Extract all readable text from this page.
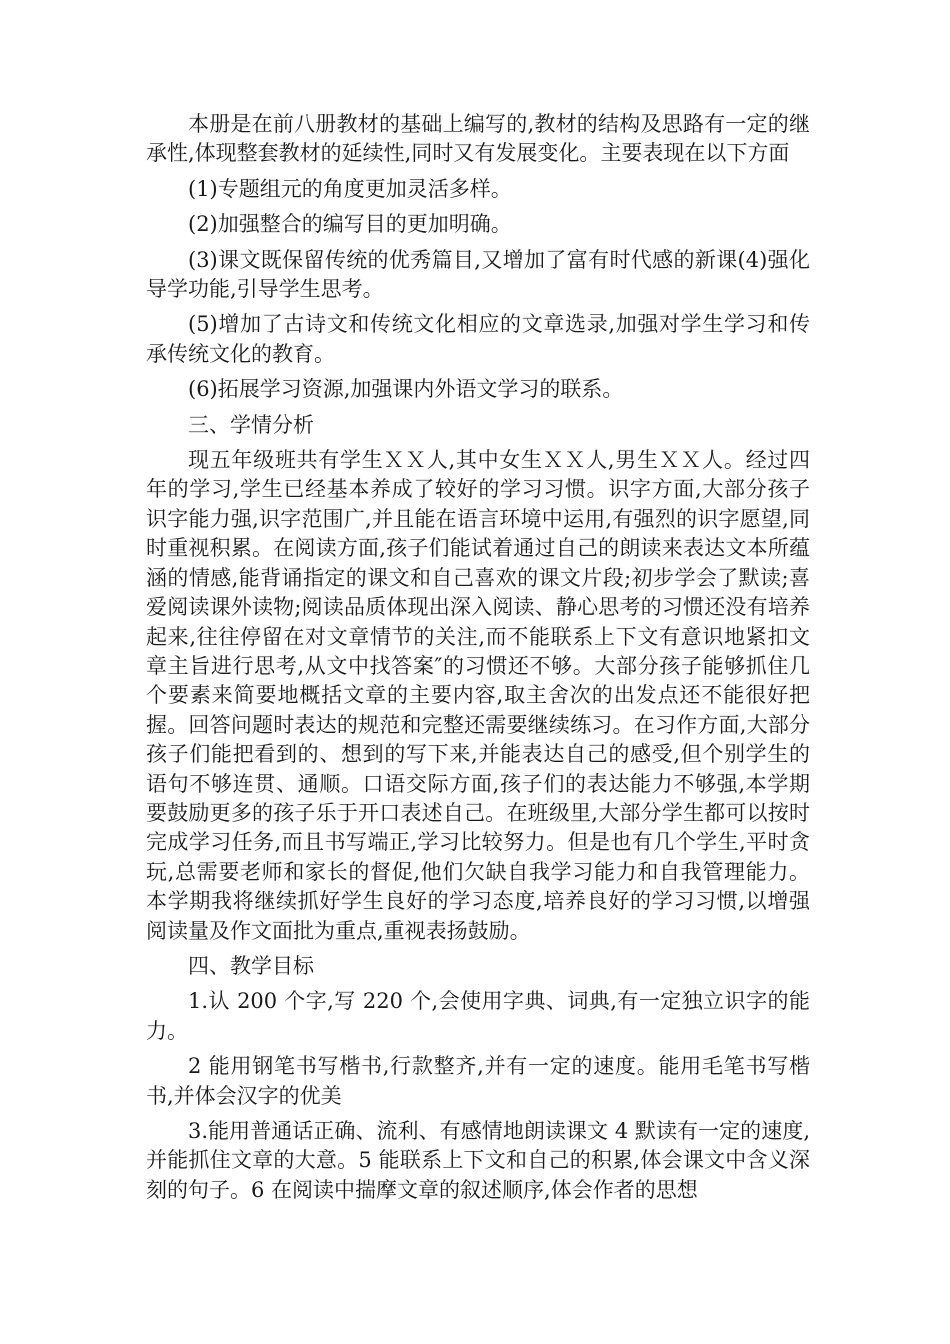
本册是在前八册教材的基础上编写的,教材的结构及思路有一定的继承性,体现整套教材的延续性,同时又有发展变化。主要表现在以下方面

(1)专题组元的角度更加灵活多样。

(2)加强整合的编写目的更加明确。

(3)课文既保留传统的优秀篇目,又增加了富有时代感的新课(4)强化导学功能,引导学生思考。

(5)增加了古诗文和传统文化相应的文章选录,加强对学生学习和传承传统文化的教育。

(6)拓展学习资源,加强课内外语文学习的联系。

三、学情分析

现五年级班共有学生ＸＸ人,其中女生ＸＸ人,男生ＸＸ人。经过四年的学习,学生已经基本养成了较好的学习习惯。识字方面,大部分孩子识字能力强,识字范围广,并且能在语言环境中运用,有强烈的识字愿望,同时重视积累。在阅读方面,孩子们能试着通过自己的朗读来表达文本所蕴涵的情感,能背诵指定的课文和自己喜欢的课文片段;初步学会了默读;喜爱阅读课外读物;阅读品质体现出深入阅读、静心思考的习惯还没有培养起来,往往停留在对文章情节的关注,而不能联系上下文有意识地紧扣文章主旨进行思考,从文中找答案″的习惯还不够。大部分孩子能够抓住几个要素来简要地概括文章的主要内容,取主舍次的出发点还不能很好把握。回答问题时表达的规范和完整还需要继续练习。在习作方面,大部分孩子们能把看到的、想到的写下来,并能表达自己的感受,但个别学生的语句不够连贯、通顺。口语交际方面,孩子们的表达能力不够强,本学期要鼓励更多的孩子乐于开口表述自己。在班级里,大部分学生都可以按时完成学习任务,而且书写端正,学习比较努力。但是也有几个学生,平时贪玩,总需要老师和家长的督促,他们欠缺自我学习能力和自我管理能力。本学期我将继续抓好学生良好的学习态度,培养良好的学习习惯,以增强阅读量及作文面批为重点,重视表扬鼓励。

四、教学目标

1.认 200 个字,写 220 个,会使用字典、词典,有一定独立识字的能力。

2 能用钢笔书写楷书,行款整齐,并有一定的速度。能用毛笔书写楷书,并体会汉字的优美

3.能用普通话正确、流利、有感情地朗读课文 4 默读有一定的速度,并能抓住文章的大意。5 能联系上下文和自己的积累,体会课文中含义深刻的句子。6 在阅读中揣摩文章的叙述顺序,体会作者的思想
